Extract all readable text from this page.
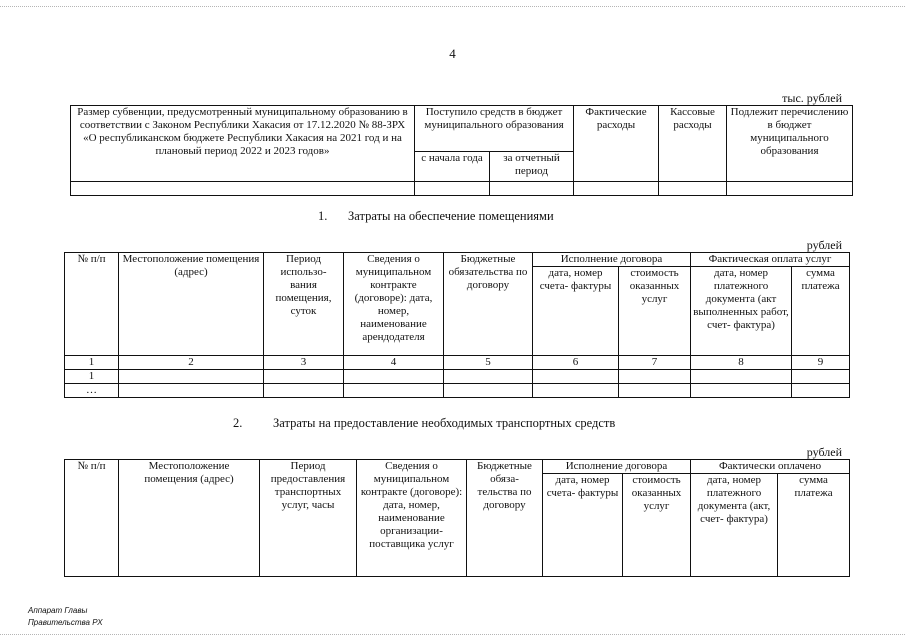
4
тыс. рублей
Размер субвенции, предусмотренный муниципальному образованию в соответствии с Законом Республики Хакасия от 17.12.2020 № 88-ЗРХ «О республиканском бюджете Республики Хакасия на 2021 год и на плановый период 2022 и 2023 годов»	Поступило средств в бюджет муниципального образования		Фактические расходы	Кассовые расходы	Подлежит перечислению в бюджет муниципального образования
	с начала года	за отчетный период			

1. Затраты на обеспечение помещениями
рублей
№ п/п	Местоположение помещения (адрес)	Период использо- вания помещения, суток	Сведения о муниципальном контракте (договоре): дата, номер, наименование арендодателя	Бюджетные обязательства по договору	Исполнение договора		Фактическая оплата услуг	
					дата, номер счета- фактуры	стоимость оказанных услуг	дата, номер платежного документа (акт выполненных работ, счет- фактура)	сумма платежа
1	2	3	4	5	6	7	8	9
1								
…								
2. Затраты на предоставление необходимых транспортных средств
рублей
№ п/п	Местоположение помещения (адрес)	Период предоставления транспортных услуг, часы	Сведения о муниципальном контракте (договоре): дата, номер, наименование организации- поставщика услуг	Бюджетные обяза- тельства по договору	Исполнение договора		Фактически оплачено	
					дата, номер счета- фактуры	стоимость оказанных услуг	дата, номер платежного документа (акт, счет- фактура)	сумма платежа
Аппарат Главы
Правительства РХ
